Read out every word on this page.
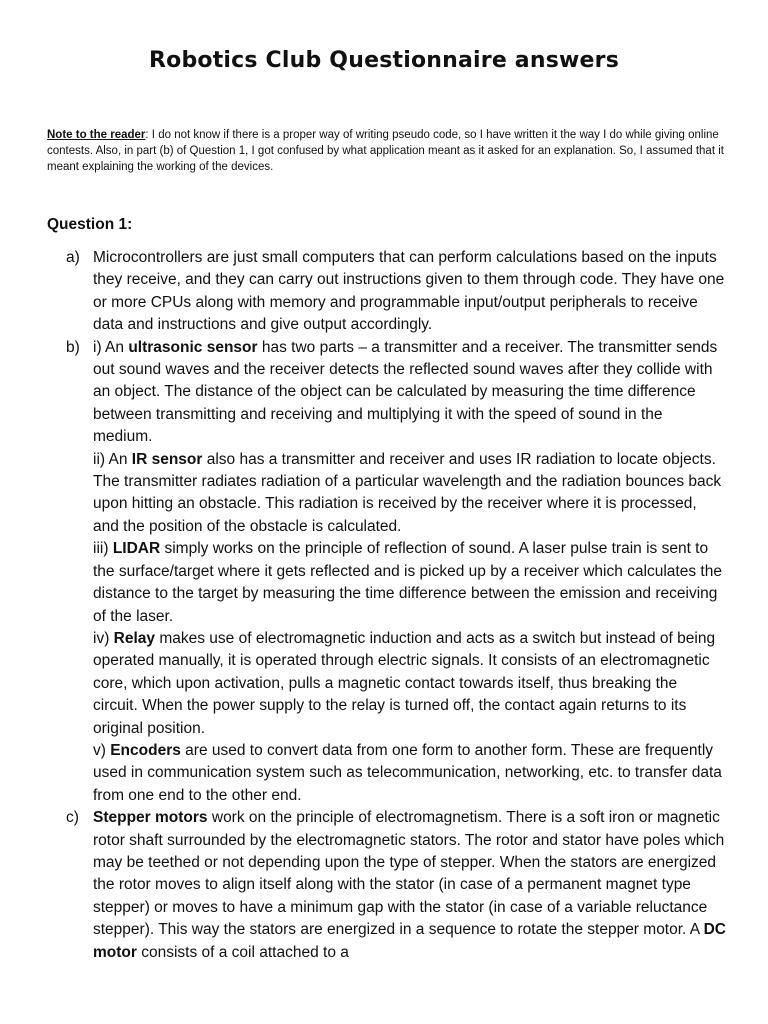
Robotics Club Questionnaire answers
Note to the reader: I do not know if there is a proper way of writing pseudo code, so I have written it the way I do while giving online contests. Also, in part (b) of Question 1, I got confused by what application meant as it asked for an explanation. So, I assumed that it meant explaining the working of the devices.
Question 1:
a) Microcontrollers are just small computers that can perform calculations based on the inputs they receive, and they can carry out instructions given to them through code. They have one or more CPUs along with memory and programmable input/output peripherals to receive data and instructions and give output accordingly.
b) i) An ultrasonic sensor has two parts – a transmitter and a receiver. The transmitter sends out sound waves and the receiver detects the reflected sound waves after they collide with an object. The distance of the object can be calculated by measuring the time difference between transmitting and receiving and multiplying it with the speed of sound in the medium.
ii) An IR sensor also has a transmitter and receiver and uses IR radiation to locate objects. The transmitter radiates radiation of a particular wavelength and the radiation bounces back upon hitting an obstacle. This radiation is received by the receiver where it is processed, and the position of the obstacle is calculated.
iii) LIDAR simply works on the principle of reflection of sound. A laser pulse train is sent to the surface/target where it gets reflected and is picked up by a receiver which calculates the distance to the target by measuring the time difference between the emission and receiving of the laser.
iv) Relay makes use of electromagnetic induction and acts as a switch but instead of being operated manually, it is operated through electric signals. It consists of an electromagnetic core, which upon activation, pulls a magnetic contact towards itself, thus breaking the circuit. When the power supply to the relay is turned off, the contact again returns to its original position.
v) Encoders are used to convert data from one form to another form. These are frequently used in communication system such as telecommunication, networking, etc. to transfer data from one end to the other end.
c) Stepper motors work on the principle of electromagnetism. There is a soft iron or magnetic rotor shaft surrounded by the electromagnetic stators. The rotor and stator have poles which may be teethed or not depending upon the type of stepper. When the stators are energized the rotor moves to align itself along with the stator (in case of a permanent magnet type stepper) or moves to have a minimum gap with the stator (in case of a variable reluctance stepper). This way the stators are energized in a sequence to rotate the stepper motor. A DC motor consists of a coil attached to a
